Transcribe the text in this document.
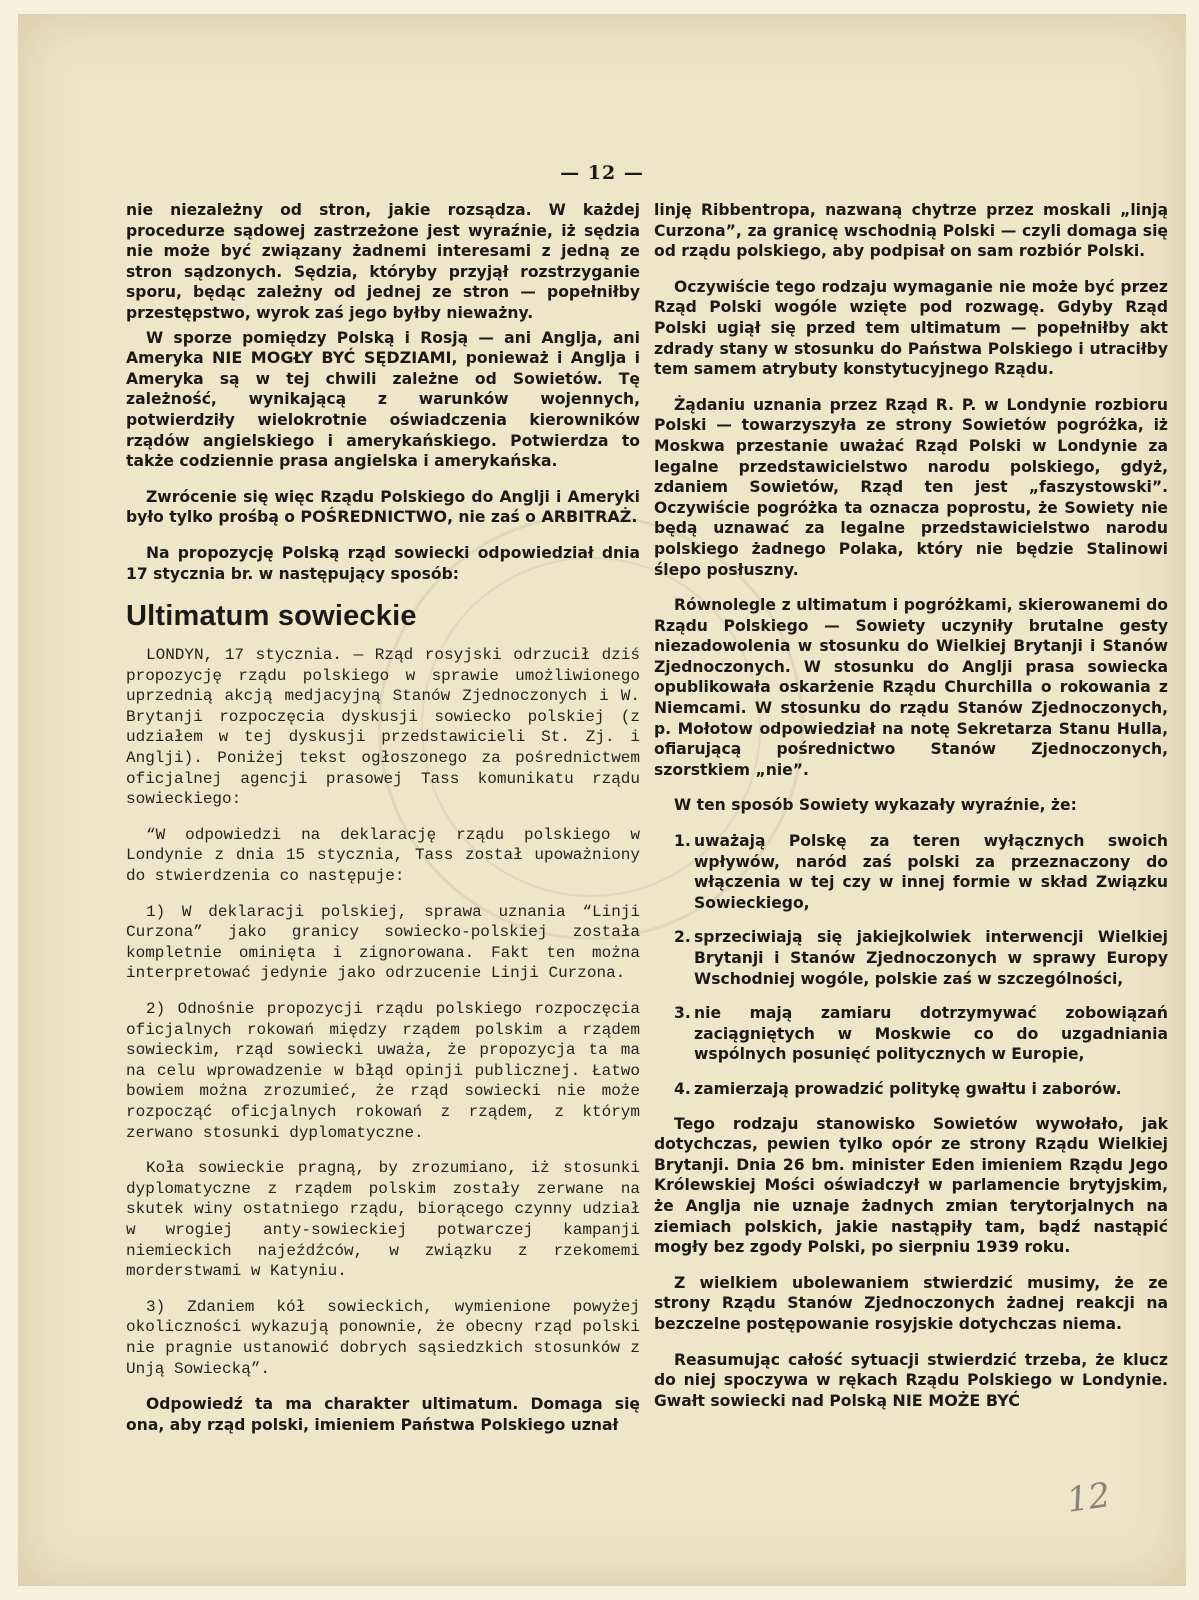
— 12 —

nie niezależny od stron, jakie rozsądza. W każdej procedurze sądowej zastrzeżone jest wyraźnie, iż sędzia nie może być związany żadnemi interesami z jedną ze stron sądzonych. Sędzia, któryby przyjął rozstrzyganie sporu, będąc zależny od jednej ze stron — popełniłby przestępstwo, wyrok zaś jego byłby nieważny.

W sporze pomiędzy Polską i Rosją — ani Anglja, ani Ameryka NIE MOGŁY BYĆ SĘDZIAMI, ponieważ i Anglja i Ameryka są w tej chwili zależne od Sowietów. Tę zależność, wynikającą z warunków wojennych, potwierdziły wielokrotnie oświadczenia kierowników rządów angielskiego i amerykańskiego. Potwierdza to także codziennie prasa angielska i amerykańska.

Zwrócenie się więc Rządu Polskiego do Anglji i Ameryki było tylko prośbą o POŚREDNICTWO, nie zaś o ARBITRAŻ.

Na propozycję Polską rząd sowiecki odpowiedział dnia 17 stycznia br. w następujący sposób:

Ultimatum sowieckie

LONDYN, 17 stycznia. — Rząd rosyjski odrzucił dziś propozycję rządu polskiego w sprawie umożliwionego uprzednią akcją medjacyjną Stanów Zjednoczonych i W. Brytanji rozpoczęcia dyskusji sowiecko polskiej (z udziałem w tej dyskusji przedstawicieli St. Zj. i Anglji). Poniżej tekst ogłoszonego za pośrednictwem oficjalnej agencji prasowej Tass komunikatu rządu sowieckiego:

“W odpowiedzi na deklarację rządu polskiego w Londynie z dnia 15 stycznia, Tass został upoważniony do stwierdzenia co następuje:

1) W deklaracji polskiej, sprawa uznania “Linji Curzona” jako granicy sowiecko-polskiej została kompletnie ominięta i zignorowana. Fakt ten można interpretować jedynie jako odrzucenie Linji Curzona.

2) Odnośnie propozycji rządu polskiego rozpoczęcia oficjalnych rokowań między rządem polskim a rządem sowieckim, rząd sowiecki uważa, że propozycja ta ma na celu wprowadzenie w błąd opinji publicznej. Łatwo bowiem można zrozumieć, że rząd sowiecki nie może rozpocząć oficjalnych rokowań z rządem, z którym zerwano stosunki dyplomatyczne.

Koła sowieckie pragną, by zrozumiano, iż stosunki dyplomatyczne z rządem polskim zostały zerwane na skutek winy ostatniego rządu, biorącego czynny udział w wrogiej anty-sowieckiej potwarczej kampanji niemieckich najeźdźców, w związku z rzekomemi morderstwami w Katyniu.

3) Zdaniem kół sowieckich, wymienione powyżej okoliczności wykazują ponownie, że obecny rząd polski nie pragnie ustanowić dobrych sąsiedzkich stosunków z Unją Sowiecką”.

Odpowiedź ta ma charakter ultimatum. Domaga się ona, aby rząd polski, imieniem Państwa Polskiego uznał

linję Ribbentropa, nazwaną chytrze przez moskali „linją Curzona”, za granicę wschodnią Polski — czyli domaga się od rządu polskiego, aby podpisał on sam rozbiór Polski.

Oczywiście tego rodzaju wymaganie nie może być przez Rząd Polski wogóle wzięte pod rozwagę. Gdyby Rząd Polski ugiął się przed tem ultimatum — popełniłby akt zdrady stany w stosunku do Państwa Polskiego i utraciłby tem samem atrybuty konstytucyjnego Rządu.

Żądaniu uznania przez Rząd R. P. w Londynie rozbioru Polski — towarzyszyła ze strony Sowietów pogróżka, iż Moskwa przestanie uważać Rząd Polski w Londynie za legalne przedstawicielstwo narodu polskiego, gdyż, zdaniem Sowietów, Rząd ten jest „faszystowski”. Oczywiście pogróżka ta oznacza poprostu, że Sowiety nie będą uznawać za legalne przedstawicielstwo narodu polskiego żadnego Polaka, który nie będzie Stalinowi ślepo posłuszny.

Równolegle z ultimatum i pogróżkami, skierowanemi do Rządu Polskiego — Sowiety uczyniły brutalne gesty niezadowolenia w stosunku do Wielkiej Brytanji i Stanów Zjednoczonych. W stosunku do Anglji prasa sowiecka opublikowała oskarżenie Rządu Churchilla o rokowania z Niemcami. W stosunku do rządu Stanów Zjednoczonych, p. Mołotow odpowiedział na notę Sekretarza Stanu Hulla, ofiarującą pośrednictwo Stanów Zjednoczonych, szorstkiem „nie”.

W ten sposób Sowiety wykazały wyraźnie, że:

1. uważają Polskę za teren wyłącznych swoich wpływów, naród zaś polski za przeznaczony do włączenia w tej czy w innej formie w skład Związku Sowieckiego,
2. sprzeciwiają się jakiejkolwiek interwencji Wielkiej Brytanji i Stanów Zjednoczonych w sprawy Europy Wschodniej wogóle, polskie zaś w szczególności,
3. nie mają zamiaru dotrzymywać zobowiązań zaciągniętych w Moskwie co do uzgadniania wspólnych posunięć politycznych w Europie,
4. zamierzają prowadzić politykę gwałtu i zaborów.

Tego rodzaju stanowisko Sowietów wywołało, jak dotychczas, pewien tylko opór ze strony Rządu Wielkiej Brytanji. Dnia 26 bm. minister Eden imieniem Rządu Jego Królewskiej Mości oświadczył w parlamencie brytyjskim, że Anglja nie uznaje żadnych zmian terytorjalnych na ziemiach polskich, jakie nastąpiły tam, bądź nastąpić mogły bez zgody Polski, po sierpniu 1939 roku.

Z wielkiem ubolewaniem stwierdzić musimy, że ze strony Rządu Stanów Zjednoczonych żadnej reakcji na bezczelne postępowanie rosyjskie dotychczas niema.

Reasumując całość sytuacji stwierdzić trzeba, że klucz do niej spoczywa w rękach Rządu Polskiego w Londynie. Gwałt sowiecki nad Polską NIE MOŻE BYĆ

12
